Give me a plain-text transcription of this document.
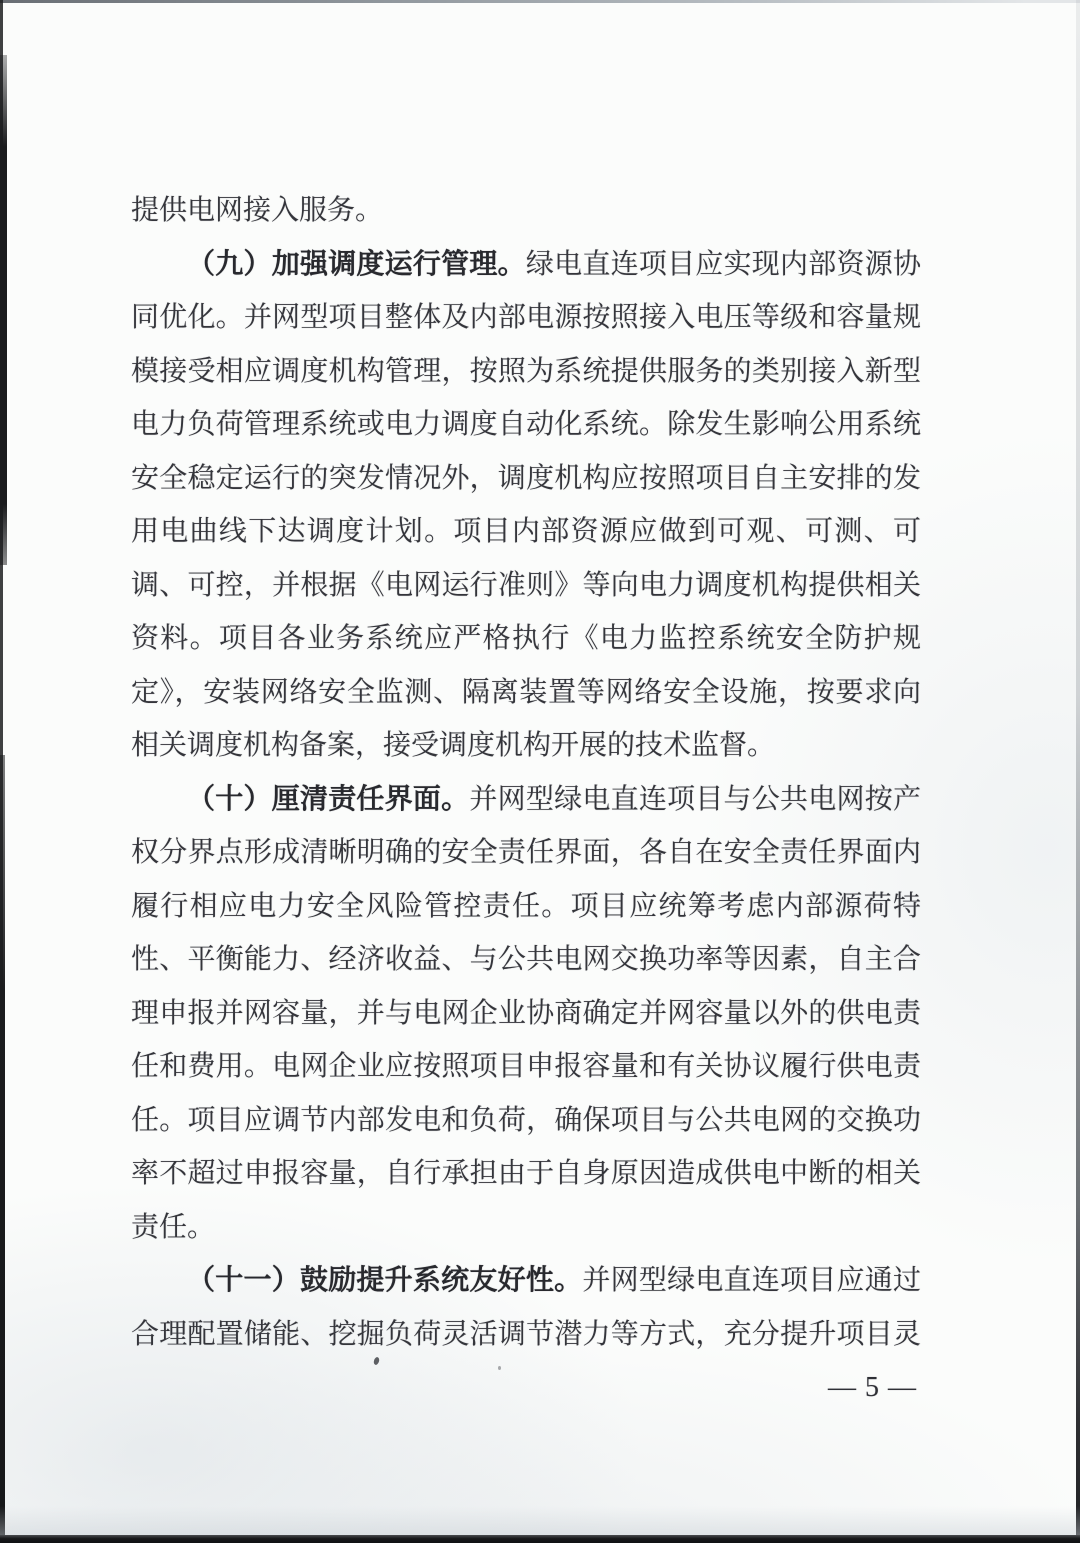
提供电网接入服务。
（九）加强调度运行管理。绿电直连项目应实现内部资源协
同优化。并网型项目整体及内部电源按照接入电压等级和容量规
模接受相应调度机构管理，按照为系统提供服务的类别接入新型
电力负荷管理系统或电力调度自动化系统。除发生影响公用系统
安全稳定运行的突发情况外，调度机构应按照项目自主安排的发
用电曲线下达调度计划。项目内部资源应做到可观、可测、可
调、可控，并根据《电网运行准则》等向电力调度机构提供相关
资料。项目各业务系统应严格执行《电力监控系统安全防护规
定》，安装网络安全监测、隔离装置等网络安全设施，按要求向
相关调度机构备案，接受调度机构开展的技术监督。
（十）厘清责任界面。并网型绿电直连项目与公共电网按产
权分界点形成清晰明确的安全责任界面，各自在安全责任界面内
履行相应电力安全风险管控责任。项目应统筹考虑内部源荷特
性、平衡能力、经济收益、与公共电网交换功率等因素，自主合
理申报并网容量，并与电网企业协商确定并网容量以外的供电责
任和费用。电网企业应按照项目申报容量和有关协议履行供电责
任。项目应调节内部发电和负荷，确保项目与公共电网的交换功
率不超过申报容量，自行承担由于自身原因造成供电中断的相关
责任。
（十一）鼓励提升系统友好性。并网型绿电直连项目应通过
合理配置储能、挖掘负荷灵活调节潜力等方式，充分提升项目灵
— 5 —
